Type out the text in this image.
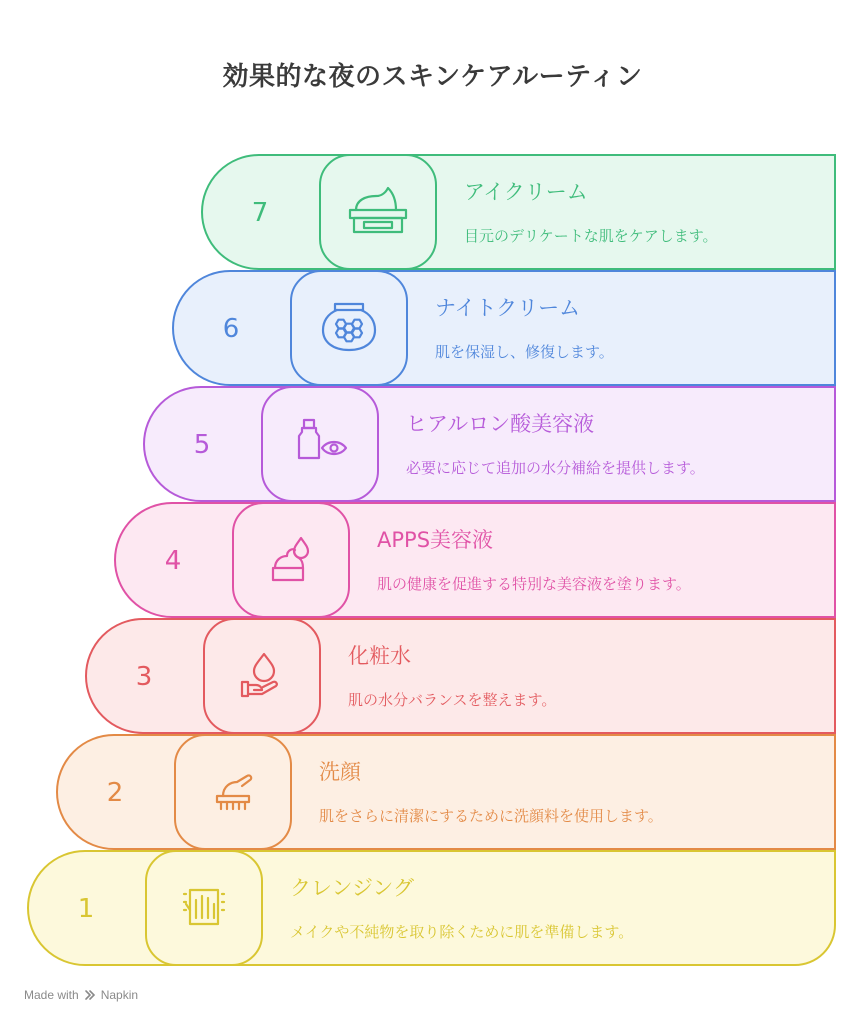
効果的な夜のスキンケアルーティン
1
クレンジング
メイクや不純物を取り除くために肌を準備します。
2
洗顔
肌をさらに清潔にするために洗顔料を使用します。
3
化粧水
肌の水分バランスを整えます。
4
APPS美容液
肌の健康を促進する特別な美容液を塗ります。
5
ヒアルロン酸美容液
必要に応じて追加の水分補給を提供します。
6
ナイトクリーム
肌を保湿し、修復します。
7
アイクリーム
目元のデリケートな肌をケアします。
Made with Napkin
